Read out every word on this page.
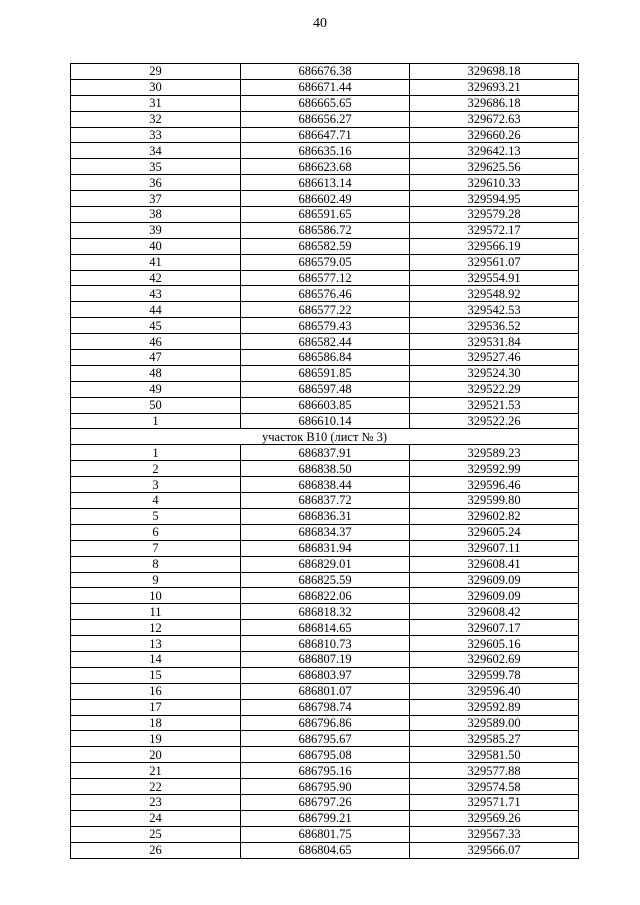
40
29	686676.38	329698.18
30	686671.44	329693.21
31	686665.65	329686.18
32	686656.27	329672.63
33	686647.71	329660.26
34	686635.16	329642.13
35	686623.68	329625.56
36	686613.14	329610.33
37	686602.49	329594.95
38	686591.65	329579.28
39	686586.72	329572.17
40	686582.59	329566.19
41	686579.05	329561.07
42	686577.12	329554.91
43	686576.46	329548.92
44	686577.22	329542.53
45	686579.43	329536.52
46	686582.44	329531.84
47	686586.84	329527.46
48	686591.85	329524.30
49	686597.48	329522.29
50	686603.85	329521.53
1	686610.14	329522.26
участок В10 (лист № 3)		
1	686837.91	329589.23
2	686838.50	329592.99
3	686838.44	329596.46
4	686837.72	329599.80
5	686836.31	329602.82
6	686834.37	329605.24
7	686831.94	329607.11
8	686829.01	329608.41
9	686825.59	329609.09
10	686822.06	329609.09
11	686818.32	329608.42
12	686814.65	329607.17
13	686810.73	329605.16
14	686807.19	329602.69
15	686803.97	329599.78
16	686801.07	329596.40
17	686798.74	329592.89
18	686796.86	329589.00
19	686795.67	329585.27
20	686795.08	329581.50
21	686795.16	329577.88
22	686795.90	329574.58
23	686797.26	329571.71
24	686799.21	329569.26
25	686801.75	329567.33
26	686804.65	329566.07
